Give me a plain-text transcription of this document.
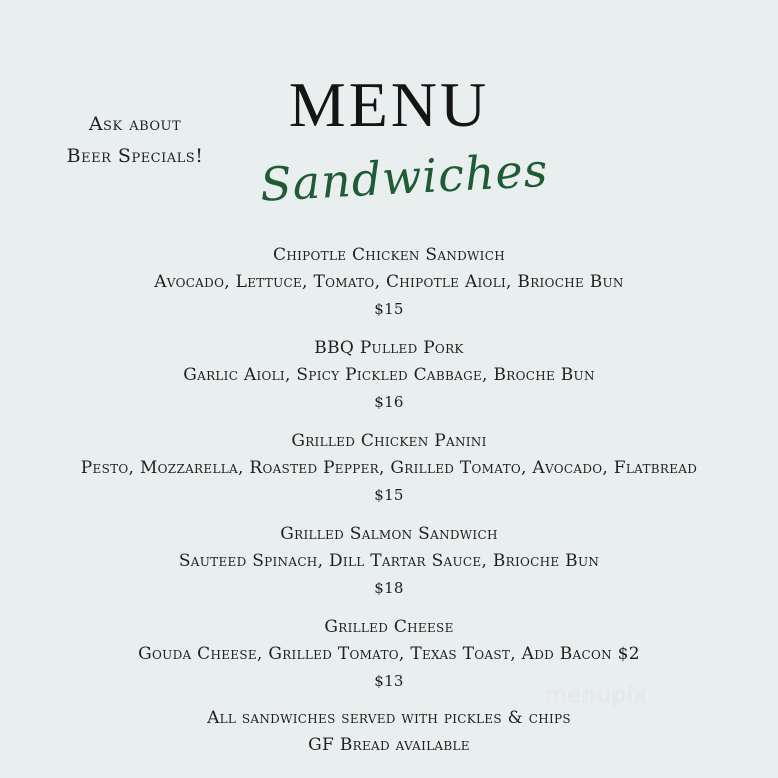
Ask about
Beer Specials!
MENU
Sandwiches
Chipotle Chicken Sandwich
Avocado, Lettuce, Tomato, Chipotle Aioli, Brioche Bun
$15
BBQ Pulled Pork
Garlic Aioli, Spicy Pickled Cabbage, Broche Bun
$16
Grilled Chicken Panini
Pesto, Mozzarella, Roasted Pepper, Grilled Tomato, Avocado, Flatbread
$15
Grilled Salmon Sandwich
Sauteed Spinach, Dill Tartar Sauce, Brioche Bun
$18
Grilled Cheese
Gouda Cheese, Grilled Tomato, Texas Toast, Add Bacon $2
$13
All sandwiches served with pickles & chips
GF Bread available
menupix
